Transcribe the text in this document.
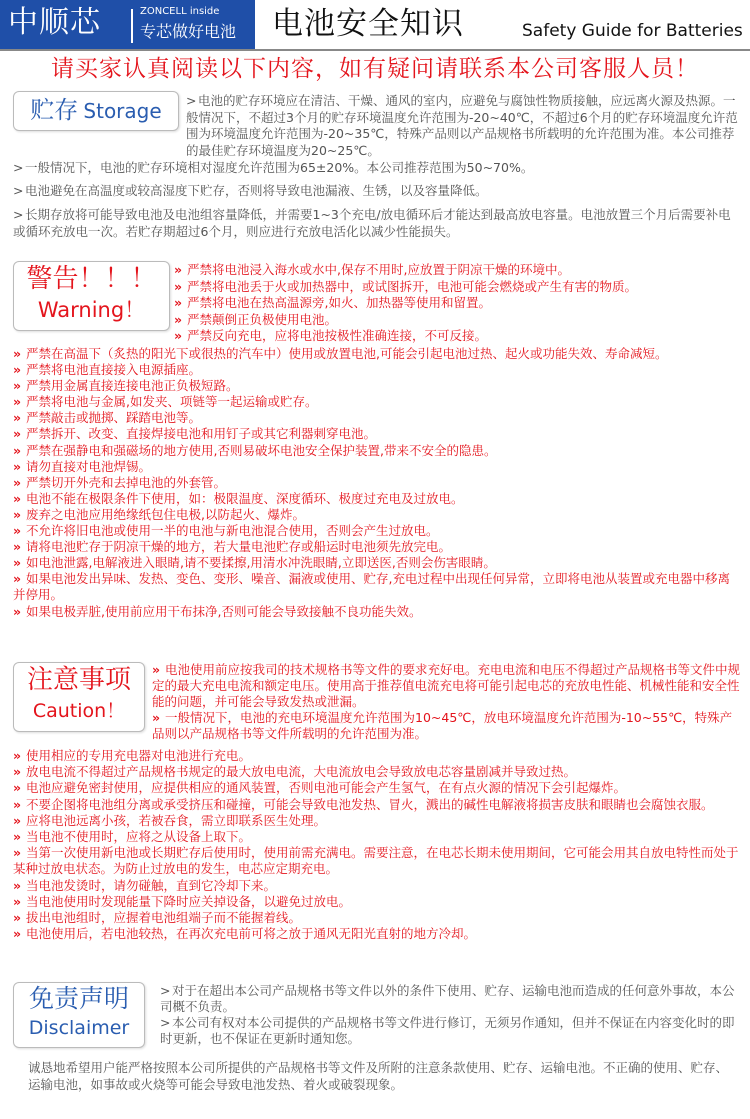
中顺芯	ZONCELL inside
专芯做好电池 电池安全知识	Safety Guide for Batteries
请买家认真阅读以下内容，如有疑问请联系本公司客服人员！
贮存 Storage	> 电池的贮存环境应在清洁、干燥、通风的室内，应避免与腐蚀性物质接触，应远离火源及热源。一般情况下，不超过3个月的贮存环境温度允许范围为-20~40℃，不超过6个月的贮存环境温度允许范围为环境温度允许范围为-20~35℃，特殊产品则以产品规格书所载明的允许范围为准。本公司推荐的最佳贮存环境温度为20~25℃。
> 一般情况下，电池的贮存环境相对湿度允许范围为65±20%。本公司推荐范围为50~70%。
> 电池避免在高温度或较高湿度下贮存，否则将导致电池漏液、生锈，以及容量降低。
> 长期存放将可能导致电池及电池组容量降低，并需要1~3个充电/放电循环后才能达到最高放电容量。电池放置三个月后需要补电或循环充放电一次。若贮存期超过6个月，则应进行充放电活化以减少性能损失。
警告！！！
Warning！
» 严禁将电池浸入海水或水中,保存不用时,应放置于阴凉干燥的环境中。
» 严禁将电池丢于火或加热器中，或试图拆开，电池可能会燃烧或产生有害的物质。
» 严禁将电池在热高温源旁,如火、加热器等使用和留置。
» 严禁颠倒正负极使用电池。
» 严禁反向充电，应将电池按极性准确连接，不可反接。
» 严禁在高温下（炙热的阳光下或很热的汽车中）使用或放置电池,可能会引起电池过热、起火或功能失效、寿命减短。
» 严禁将电池直接接入电源插座。
» 严禁用金属直接连接电池正负极短路。
» 严禁将电池与金属,如发夹、项链等一起运输或贮存。
» 严禁敲击或抛掷、踩踏电池等。
» 严禁拆开、改变、直接焊接电池和用钉子或其它利器刺穿电池。
» 严禁在强静电和强磁场的地方使用,否则易破坏电池安全保护装置,带来不安全的隐患。
» 请勿直接对电池焊锡。
» 严禁切开外壳和去掉电池的外套管。
» 电池不能在极限条件下使用，如：极限温度、深度循环、极度过充电及过放电。
» 废弃之电池应用绝缘纸包住电极,以防起火、爆炸。
» 不允许将旧电池或使用一半的电池与新电池混合使用，否则会产生过放电。
» 请将电池贮存于阴凉干燥的地方，若大量电池贮存或船运时电池须先放完电。
» 如电池泄露,电解液进入眼睛,请不要揉擦,用清水冲洗眼睛,立即送医,否则会伤害眼睛。
» 如果电池发出异味、发热、变色、变形、噪音、漏液或使用、贮存,充电过程中出现任何异常，立即将电池从装置或充电器中移离并停用。
» 如果电极弄脏,使用前应用干布抹净,否则可能会导致接触不良功能失效。
注意事项
Caution！
» 电池使用前应按我司的技术规格书等文件的要求充好电。充电电流和电压不得超过产品规格书等文件中规定的最大充电电流和额定电压。使用高于推荐值电流充电将可能引起电芯的充放电性能、机械性能和安全性能的问题，并可能会导致发热或泄漏。
» 一般情况下，电池的充电环境温度允许范围为10~45℃，放电环境温度允许范围为-10~55℃，特殊产品则以产品规格书等文件所载明的允许范围为准。
» 使用相应的专用充电器对电池进行充电。
» 放电电流不得超过产品规格书规定的最大放电电流，大电流放电会导致放电芯容量剧减并导致过热。
» 电池应避免密封使用，应提供相应的通风装置，否则电池可能会产生氢气，在有点火源的情况下会引起爆炸。
» 不要企图将电池组分离或承受挤压和碰撞，可能会导致电池发热、冒火，溅出的碱性电解液将损害皮肤和眼睛也会腐蚀衣服。
» 应将电池远离小孩，若被吞食，需立即联系医生处理。
» 当电池不使用时，应将之从设备上取下。
» 当第一次使用新电池或长期贮存后使用时，使用前需充满电。需要注意，在电芯长期未使用期间，它可能会用其自放电特性而处于某种过放电状态。为防止过放电的发生，电芯应定期充电。
» 当电池发烫时，请勿碰触，直到它冷却下来。
» 当电池使用时发现能量下降时应关掉设备，以避免过放电。
» 拔出电池组时，应握着电池组端子而不能握着线。
» 电池使用后，若电池较热，在再次充电前可将之放于通风无阳光直射的地方冷却。
免责声明
Disclaimer
> 对于在超出本公司产品规格书等文件以外的条件下使用、贮存、运输电池而造成的任何意外事故，本公司概不负责。
> 本公司有权对本公司提供的产品规格书等文件进行修订，无须另作通知，但并不保证在内容变化时的即时更新，也不保证在更新时通知您。
诚恳地希望用户能严格按照本公司所提供的产品规格书等文件及所附的注意条款使用、贮存、运输电池。不正确的使用、贮存、运输电池，如事故或火烧等可能会导致电池发热、着火或破裂现象。
